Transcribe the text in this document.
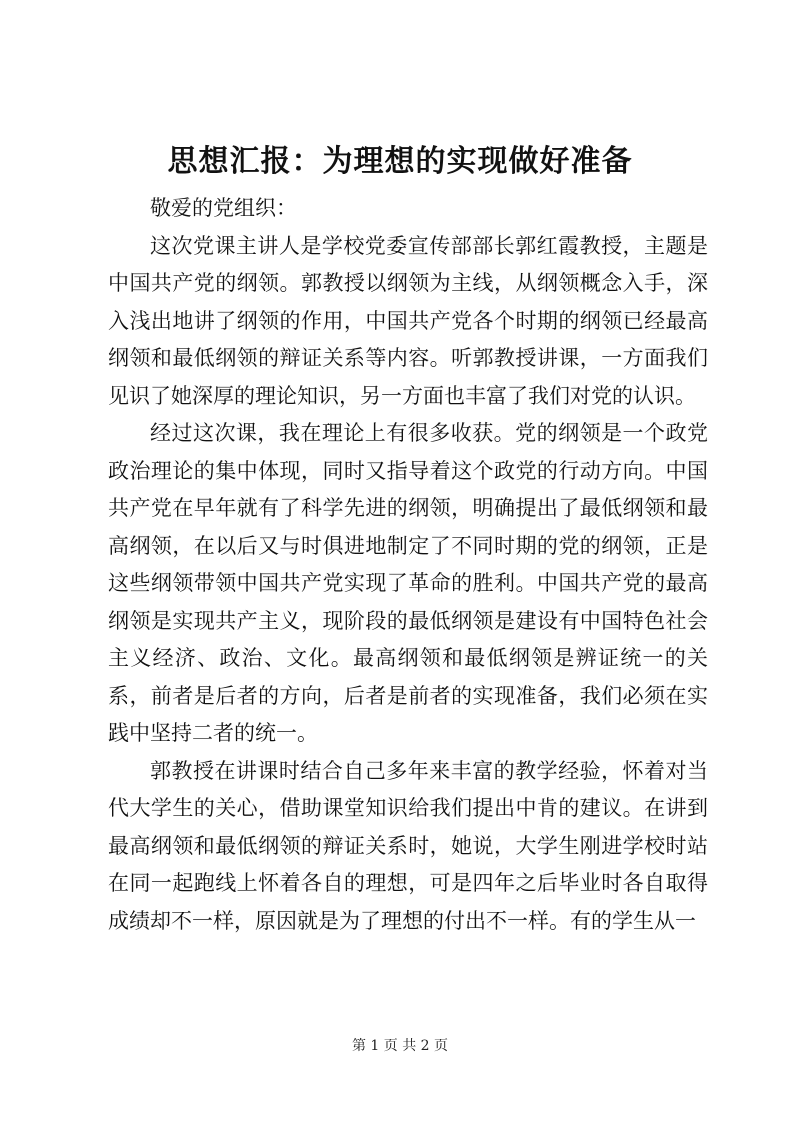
思想汇报：为理想的实现做好准备

敬爱的党组织：

这次党课主讲人是学校党委宣传部部长郭红霞教授，主题是中国共产党的纲领。郭教授以纲领为主线，从纲领概念入手，深入浅出地讲了纲领的作用，中国共产党各个时期的纲领已经最高纲领和最低纲领的辩证关系等内容。听郭教授讲课，一方面我们见识了她深厚的理论知识，另一方面也丰富了我们对党的认识。

经过这次课，我在理论上有很多收获。党的纲领是一个政党政治理论的集中体现，同时又指导着这个政党的行动方向。中国共产党在早年就有了科学先进的纲领，明确提出了最低纲领和最高纲领，在以后又与时俱进地制定了不同时期的党的纲领，正是这些纲领带领中国共产党实现了革命的胜利。中国共产党的最高纲领是实现共产主义，现阶段的最低纲领是建设有中国特色社会主义经济、政治、文化。最高纲领和最低纲领是辨证统一的关系，前者是后者的方向，后者是前者的实现准备，我们必须在实践中坚持二者的统一。

郭教授在讲课时结合自己多年来丰富的教学经验，怀着对当代大学生的关心，借助课堂知识给我们提出中肯的建议。在讲到最高纲领和最低纲领的辩证关系时，她说，大学生刚进学校时站在同一起跑线上怀着各自的理想，可是四年之后毕业时各自取得成绩却不一样，原因就是为了理想的付出不一样。有的学生从一

第 1 页 共 2 页
